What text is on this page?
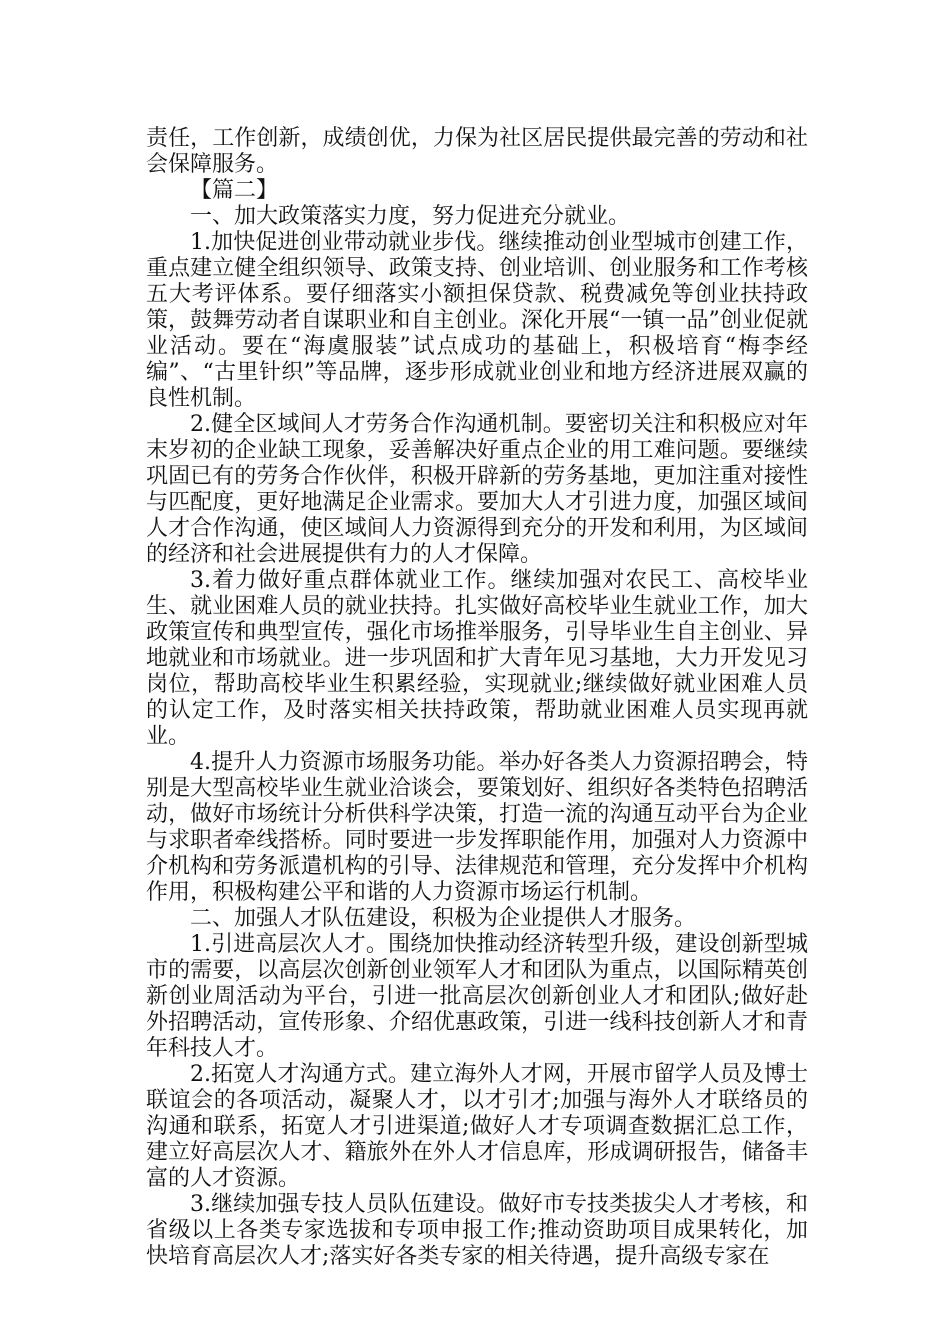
责任，工作创新，成绩创优，力保为社区居民提供最完善的劳动和社会保障服务。

【篇二】

一、加大政策落实力度，努力促进充分就业。

1.加快促进创业带动就业步伐。继续推动创业型城市创建工作，重点建立健全组织领导、政策支持、创业培训、创业服务和工作考核五大考评体系。要仔细落实小额担保贷款、税费减免等创业扶持政策，鼓舞劳动者自谋职业和自主创业。深化开展“一镇一品”创业促就业活动。要在“海虞服装”试点成功的基础上，积极培育“梅李经编”、“古里针织”等品牌，逐步形成就业创业和地方经济进展双赢的良性机制。

2.健全区域间人才劳务合作沟通机制。要密切关注和积极应对年末岁初的企业缺工现象，妥善解决好重点企业的用工难问题。要继续巩固已有的劳务合作伙伴，积极开辟新的劳务基地，更加注重对接性与匹配度，更好地满足企业需求。要加大人才引进力度，加强区域间人才合作沟通，使区域间人力资源得到充分的开发和利用，为区域间的经济和社会进展提供有力的人才保障。

3.着力做好重点群体就业工作。继续加强对农民工、高校毕业生、就业困难人员的就业扶持。扎实做好高校毕业生就业工作，加大政策宣传和典型宣传，强化市场推举服务，引导毕业生自主创业、异地就业和市场就业。进一步巩固和扩大青年见习基地，大力开发见习岗位，帮助高校毕业生积累经验，实现就业;继续做好就业困难人员的认定工作，及时落实相关扶持政策，帮助就业困难人员实现再就业。

4.提升人力资源市场服务功能。举办好各类人力资源招聘会，特别是大型高校毕业生就业洽谈会，要策划好、组织好各类特色招聘活动，做好市场统计分析供科学决策，打造一流的沟通互动平台为企业与求职者牵线搭桥。同时要进一步发挥职能作用，加强对人力资源中介机构和劳务派遣机构的引导、法律规范和管理，充分发挥中介机构作用，积极构建公平和谐的人力资源市场运行机制。

二、加强人才队伍建设，积极为企业提供人才服务。

1.引进高层次人才。围绕加快推动经济转型升级，建设创新型城市的需要，以高层次创新创业领军人才和团队为重点，以国际精英创新创业周活动为平台，引进一批高层次创新创业人才和团队;做好赴外招聘活动，宣传形象、介绍优惠政策，引进一线科技创新人才和青年科技人才。

2.拓宽人才沟通方式。建立海外人才网，开展市留学人员及博士联谊会的各项活动，凝聚人才，以才引才;加强与海外人才联络员的沟通和联系，拓宽人才引进渠道;做好人才专项调查数据汇总工作，建立好高层次人才、籍旅外在外人才信息库，形成调研报告，储备丰富的人才资源。

3.继续加强专技人员队伍建设。做好市专技类拔尖人才考核，和省级以上各类专家选拔和专项申报工作;推动资助项目成果转化，加快培育高层次人才;落实好各类专家的相关待遇，提升高级专家在
